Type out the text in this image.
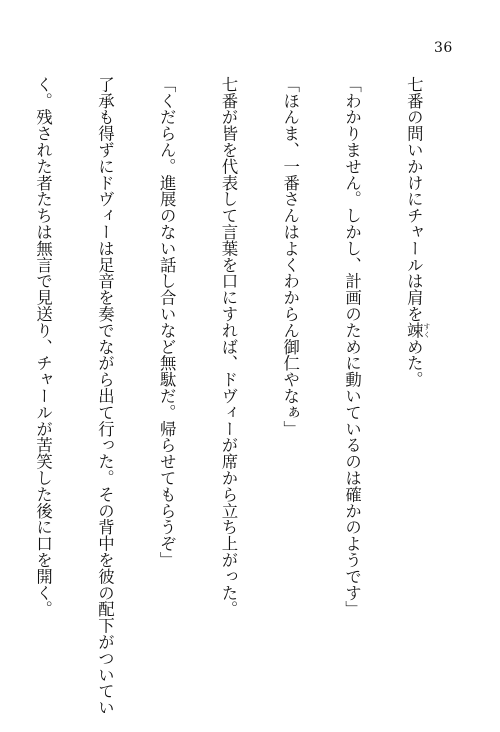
36

七番の問いかけにチャールは肩を竦 すくめた。

「わかりません。しかし、計画のために動いているのは確かのようです」

「ほんま、一番さんはよくわからん御仁やなぁ」

七番が皆を代表して言葉を口にすれば、ドヴィーが席から立ち上がった。

「くだらん。進展のない話し合いなど無駄だ。帰らせてもらうぞ」

了承も得ずにドヴィーは足音を奏でながら出て行った。その背中を彼の配下がついてい

く。残された者たちは無言で見送り、チャールが苦笑した後に口を開く。
